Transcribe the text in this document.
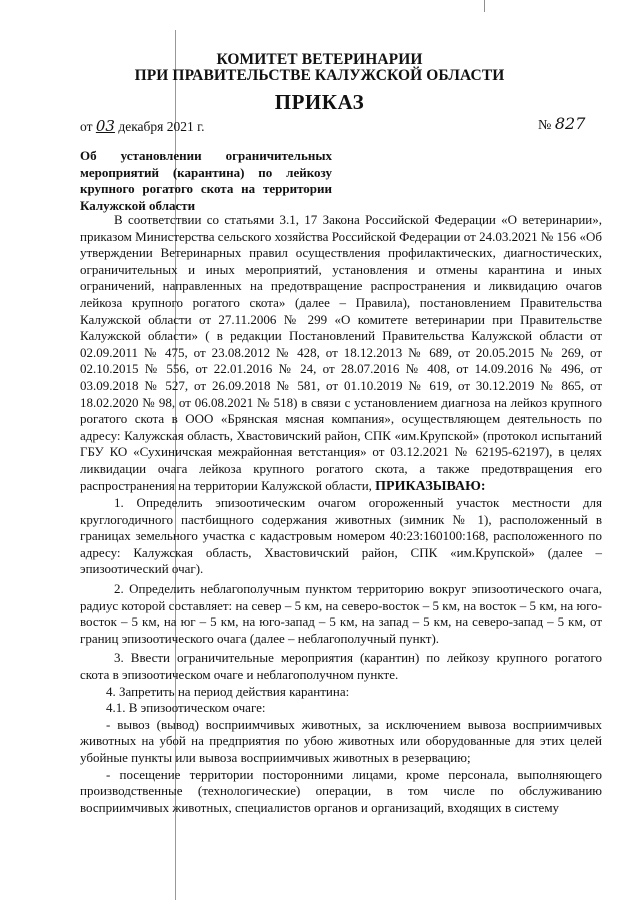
КОМИТЕТ ВЕТЕРИНАРИИ
ПРИ ПРАВИТЕЛЬСТВЕ КАЛУЖСКОЙ ОБЛАСТИ
ПРИКАЗ
от 03 декабря 2021 г.	№ 827
Об установлении ограничительных
мероприятий (карантина) по лейкозу
крупного рогатого скота на территории
Калужской области

В соответствии со статьями 3.1, 17 Закона Российской Федерации «О ветеринарии», приказом Министерства сельского хозяйства Российской Федерации от 24.03.2021 № 156 «Об утверждении Ветеринарных правил осуществления профилактических, диагностических, ограничительных и иных мероприятий, установления и отмены карантина и иных ограничений, направленных на предотвращение распространения и ликвидацию очагов лейкоза крупного рогатого скота» (далее – Правила), постановлением Правительства Калужской области от 27.11.2006 № 299 «О комитете ветеринарии при Правительстве Калужской области» ( в редакции Постановлений Правительства Калужской области от 02.09.2011 № 475, от 23.08.2012 № 428, от 18.12.2013 № 689, от 20.05.2015 № 269, от 02.10.2015 № 556, от 22.01.2016 № 24, от 28.07.2016 № 408, от 14.09.2016 № 496, от 03.09.2018 № 527, от 26.09.2018 № 581, от 01.10.2019 № 619, от 30.12.2019 № 865, от 18.02.2020 № 98, от 06.08.2021 № 518) в связи с установлением диагноза на лейкоз крупного рогатого скота в ООО «Брянская мясная компания», осуществляющем деятельность по адресу: Калужская область, Хвастовичский район, СПК «им.Крупской» (протокол испытаний ГБУ КО «Сухиничская межрайонная ветстанция» от 03.12.2021 № 62195-62197), в целях ликвидации очага лейкоза крупного рогатого скота, а также предотвращения его распространения на территории Калужской области, ПРИКАЗЫВАЮ:

1. Определить эпизоотическим очагом огороженный участок местности для круглогодичного пастбищного содержания животных (зимник № 1), расположенный в границах земельного участка с кадастровым номером 40:23:160100:168, расположенного по адресу: Калужская область, Хвастовичский район, СПК «им.Крупской» (далее – эпизоотический очаг).

2. Определить неблагополучным пунктом территорию вокруг эпизоотического очага, радиус которой составляет: на север – 5 км, на северо-восток – 5 км, на восток – 5 км, на юго-восток – 5 км, на юг – 5 км, на юго-запад – 5 км, на запад – 5 км, на северо-запад – 5 км, от границ эпизоотического очага (далее – неблагополучный пункт).

3. Ввести ограничительные мероприятия (карантин) по лейкозу крупного рогатого скота в эпизоотическом очаге и неблагополучном пункте.

4. Запретить на период действия карантина:

4.1. В эпизоотическом очаге:

- вывоз (вывод) восприимчивых животных, за исключением вывоза восприимчивых животных на убой на предприятия по убою животных или оборудованные для этих целей убойные пункты или вывоза восприимчивых животных в резервацию;

- посещение территории посторонними лицами, кроме персонала, выполняющего производственные (технологические) операции, в том числе по обслуживанию восприимчивых животных, специалистов органов и организаций, входящих в систему
